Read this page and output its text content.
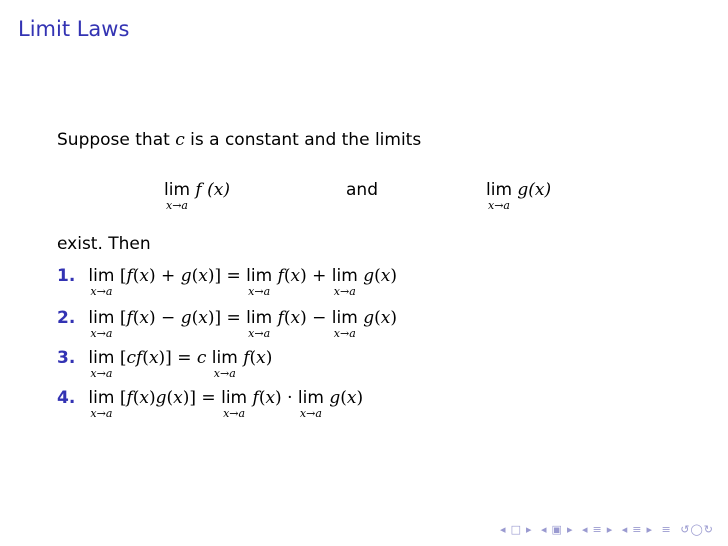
Limit Laws
Suppose that c is a constant and the limits
lim
x→a
f (x)	and	lim
x→a
g(x)
exist. Then
1. lim
x→a
[f(x) + g(x)] = lim
x→a
f(x) + lim
x→a
g(x)
2. lim
x→a
[f(x) − g(x)] = lim
x→a
f(x) − lim
x→a
g(x)
3. lim
x→a
[cf(x)] = c lim
x→a
f(x)
4. lim
x→a
[f(x)g(x)] = lim
x→a
f(x) · lim
x→a
g(x)
◂ □ ▸ ◂ ▣ ▸ ◂ ≡ ▸ ◂ ≡ ▸ ≡ ↺◯↻
